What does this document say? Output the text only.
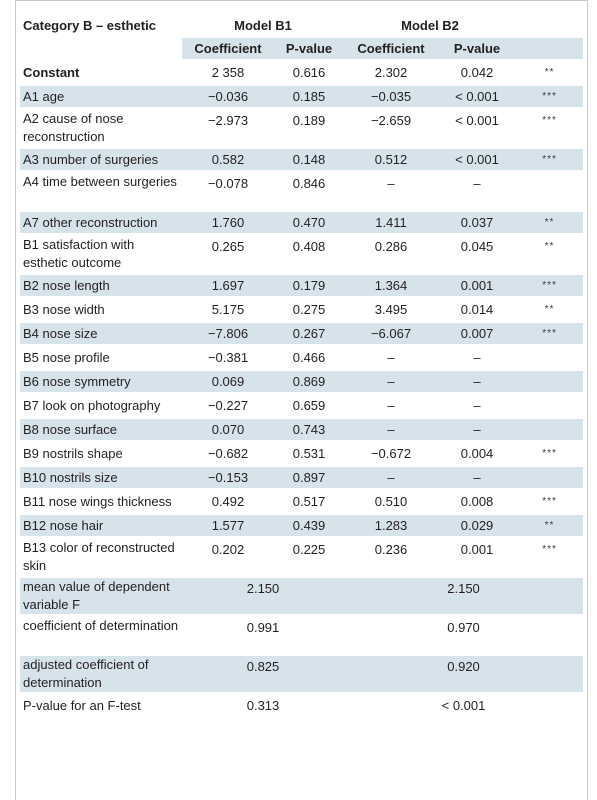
Category B – esthetic	Model B1		Model B2		
	Coefficient	P-value	Coefficient	P-value	
Constant	2 358	0.616	2.302	0.042	**
A1 age	−0.036	0.185	−0.035	< 0.001	***
A2 cause of nose reconstruction	−2.973	0.189	−2.659	< 0.001	***
A3 number of surgeries	0.582	0.148	0.512	< 0.001	***
A4 time between surgeries	−0.078	0.846	–	–	
A7 other reconstruction	1.760	0.470	1.411	0.037	**
B1 satisfaction with esthetic outcome	0.265	0.408	0.286	0.045	**
B2 nose length	1.697	0.179	1.364	0.001	***
B3 nose width	5.175	0.275	3.495	0.014	**
B4 nose size	−7.806	0.267	−6.067	0.007	***
B5 nose profile	−0.381	0.466	–	–	
B6 nose symmetry	0.069	0.869	–	–	
B7 look on photography	−0.227	0.659	–	–	
B8 nose surface	0.070	0.743	–	–	
B9 nostrils shape	−0.682	0.531	−0.672	0.004	***
B10 nostrils size	−0.153	0.897	–	–	
B11 nose wings thickness	0.492	0.517	0.510	0.008	***
B12 nose hair	1.577	0.439	1.283	0.029	**
B13 color of reconstructed skin	0.202	0.225	0.236	0.001	***
mean value of dependent variable F	2.150		2.150		
coefficient of determination	0.991		0.970		
adjusted coefficient of determination	0.825		0.920		
P-value for an F-test	0.313		< 0.001		
